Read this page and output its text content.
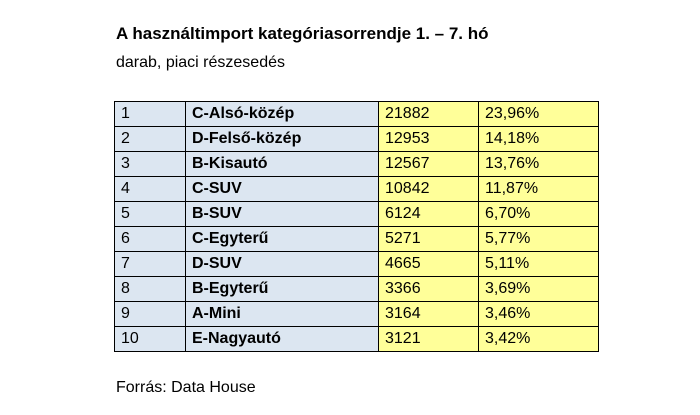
A használtimport kategóriasorrendje 1. – 7. hó
darab, piaci részesedés
1	C-Alsó-közép	21882	23,96%
2	D-Felső-közép	12953	14,18%
3	B-Kisautó	12567	13,76%
4	C-SUV	10842	11,87%
5	B-SUV	6124	6,70%
6	C-Egyterű	5271	5,77%
7	D-SUV	4665	5,11%
8	B-Egyterű	3366	3,69%
9	A-Mini	3164	3,46%
10	E-Nagyautó	3121	3,42%
Forrás: Data House
